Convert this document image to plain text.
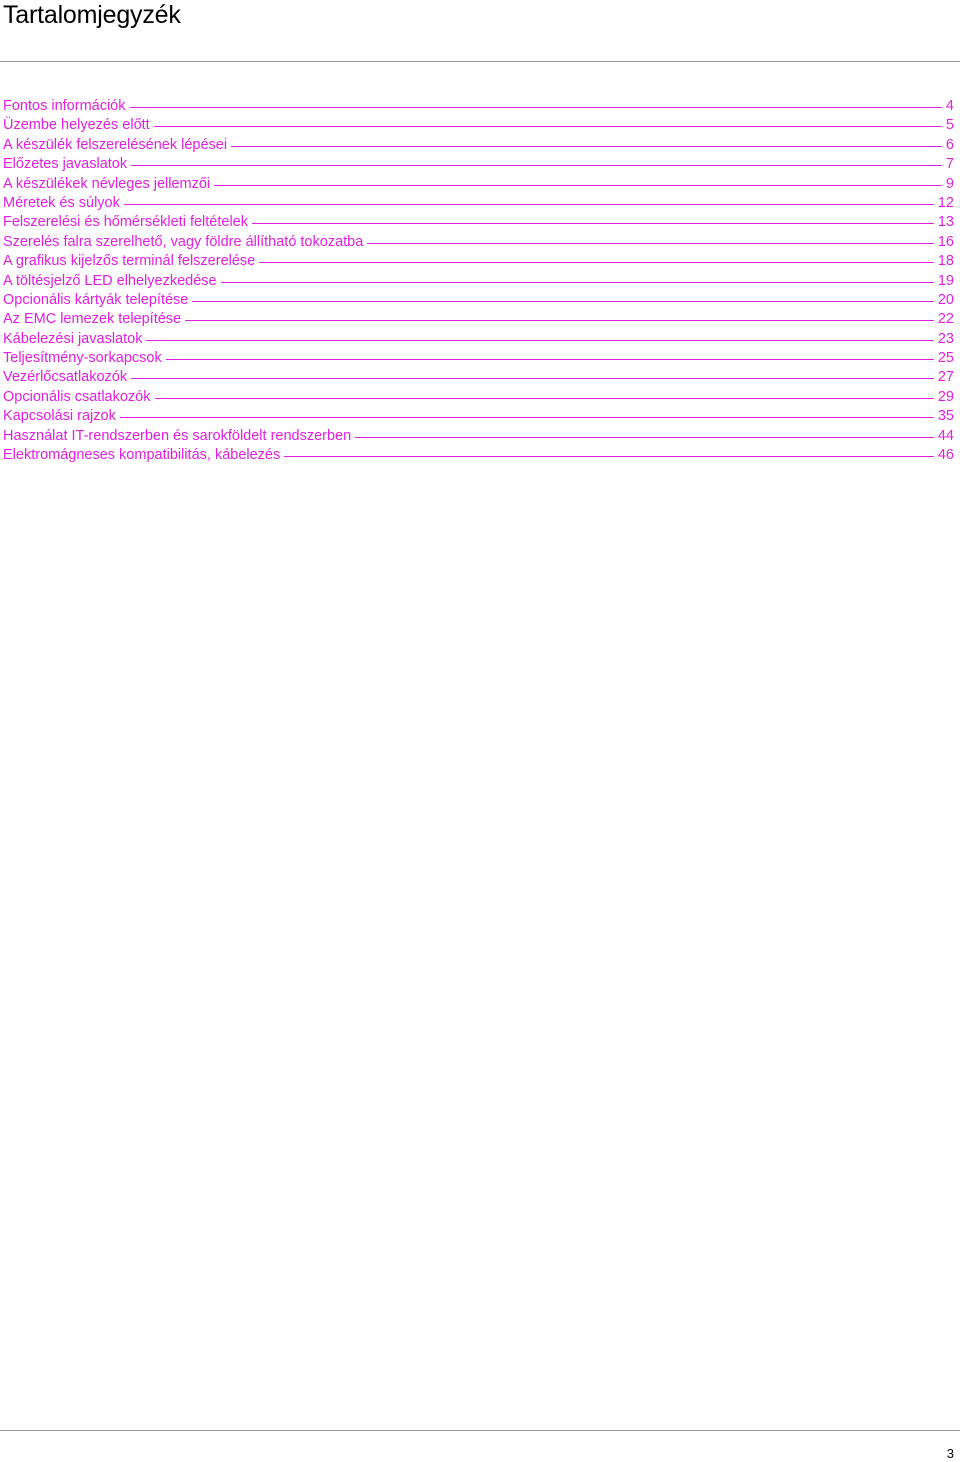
Tartalomjegyzék
Fontos információk	4
Üzembe helyezés előtt	5
A készülék felszerelésének lépései	6
Előzetes javaslatok	7
A készülékek névleges jellemzői	9
Méretek és súlyok	12
Felszerelési és hőmérsékleti feltételek	13
Szerelés falra szerelhető, vagy földre állítható tokozatba	16
A grafikus kijelzős terminál felszerelése	18
A töltésjelző LED elhelyezkedése	19
Opcionális kártyák telepítése	20
Az EMC lemezek telepítése	22
Kábelezési javaslatok	23
Teljesítmény-sorkapcsok	25
Vezérlőcsatlakozók	27
Opcionális csatlakozók	29
Kapcsolási rajzok	35
Használat IT-rendszerben és sarokföldelt rendszerben	44
Elektromágneses kompatibilitás, kábelezés	46
3
